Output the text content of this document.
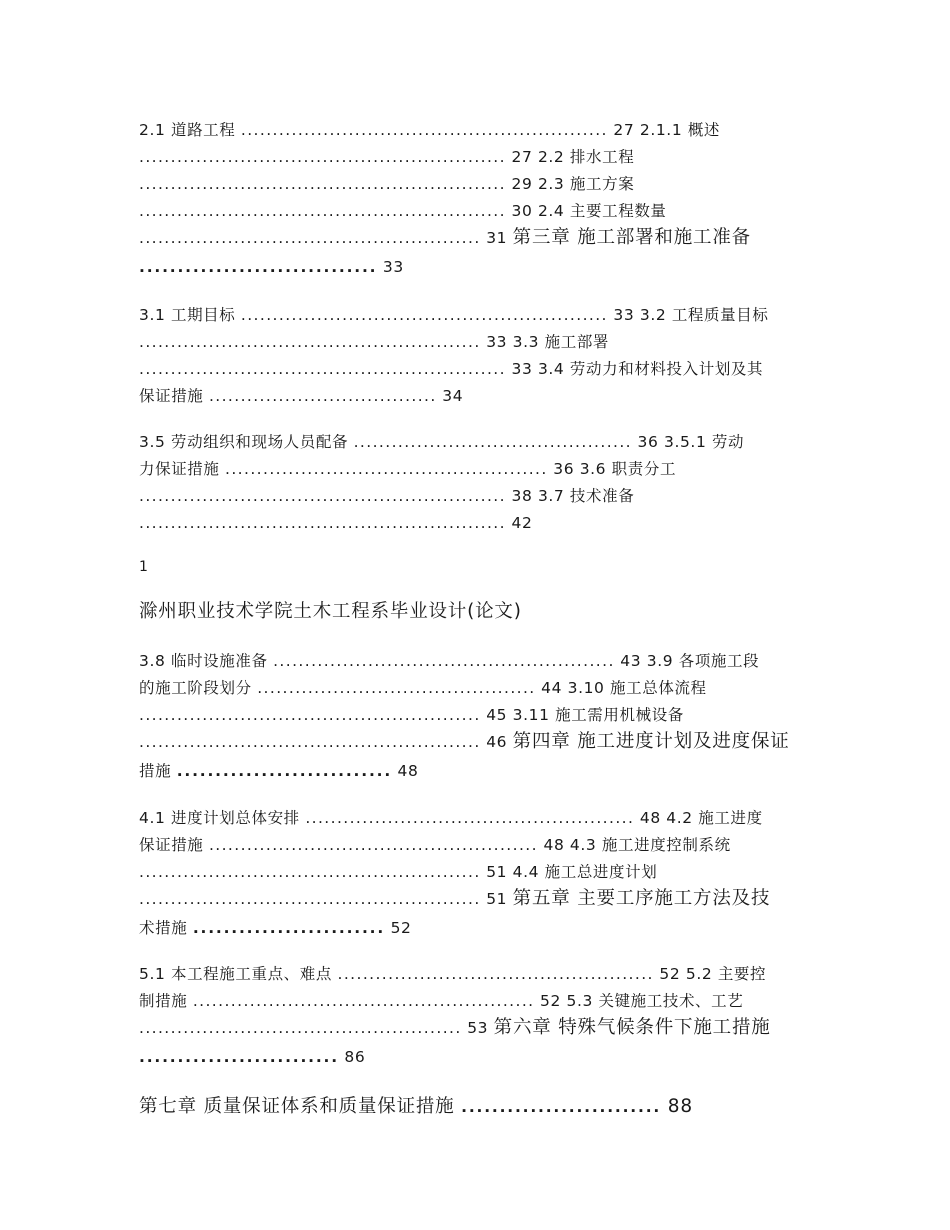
2.1 道路工程 .......................................................... 27 2.1.1 概述
.......................................................... 27 2.2 排水工程
.......................................................... 29 2.3 施工方案
.......................................................... 30 2.4 主要工程数量
...................................................... 31 第三章 施工部署和施工准备
............................... 33
3.1 工期目标 .......................................................... 33 3.2 工程质量目标
...................................................... 33 3.3 施工部署
.......................................................... 33 3.4 劳动力和材料投入计划及其
保证措施 .................................... 34
3.5 劳动组织和现场人员配备 ............................................ 36 3.5.1 劳动
力保证措施 ................................................... 36 3.6 职责分工
.......................................................... 38 3.7 技术准备
.......................................................... 42
1
滁州职业技术学院土木工程系毕业设计(论文)
3.8 临时设施准备 ...................................................... 43 3.9 各项施工段
的施工阶段划分 ............................................ 44 3.10 施工总体流程
...................................................... 45 3.11 施工需用机械设备
...................................................... 46 第四章 施工进度计划及进度保证
措施 ............................ 48
4.1 进度计划总体安排 .................................................... 48 4.2 施工进度
保证措施 .................................................... 48 4.3 施工进度控制系统
...................................................... 51 4.4 施工总进度计划
...................................................... 51 第五章 主要工序施工方法及技
术措施 ......................... 52
5.1 本工程施工重点、难点 .................................................. 52 5.2 主要控
制措施 ...................................................... 52 5.3 关键施工技术、工艺
................................................... 53 第六章 特殊气候条件下施工措施
.......................... 86
第七章 质量保证体系和质量保证措施 .......................... 88
